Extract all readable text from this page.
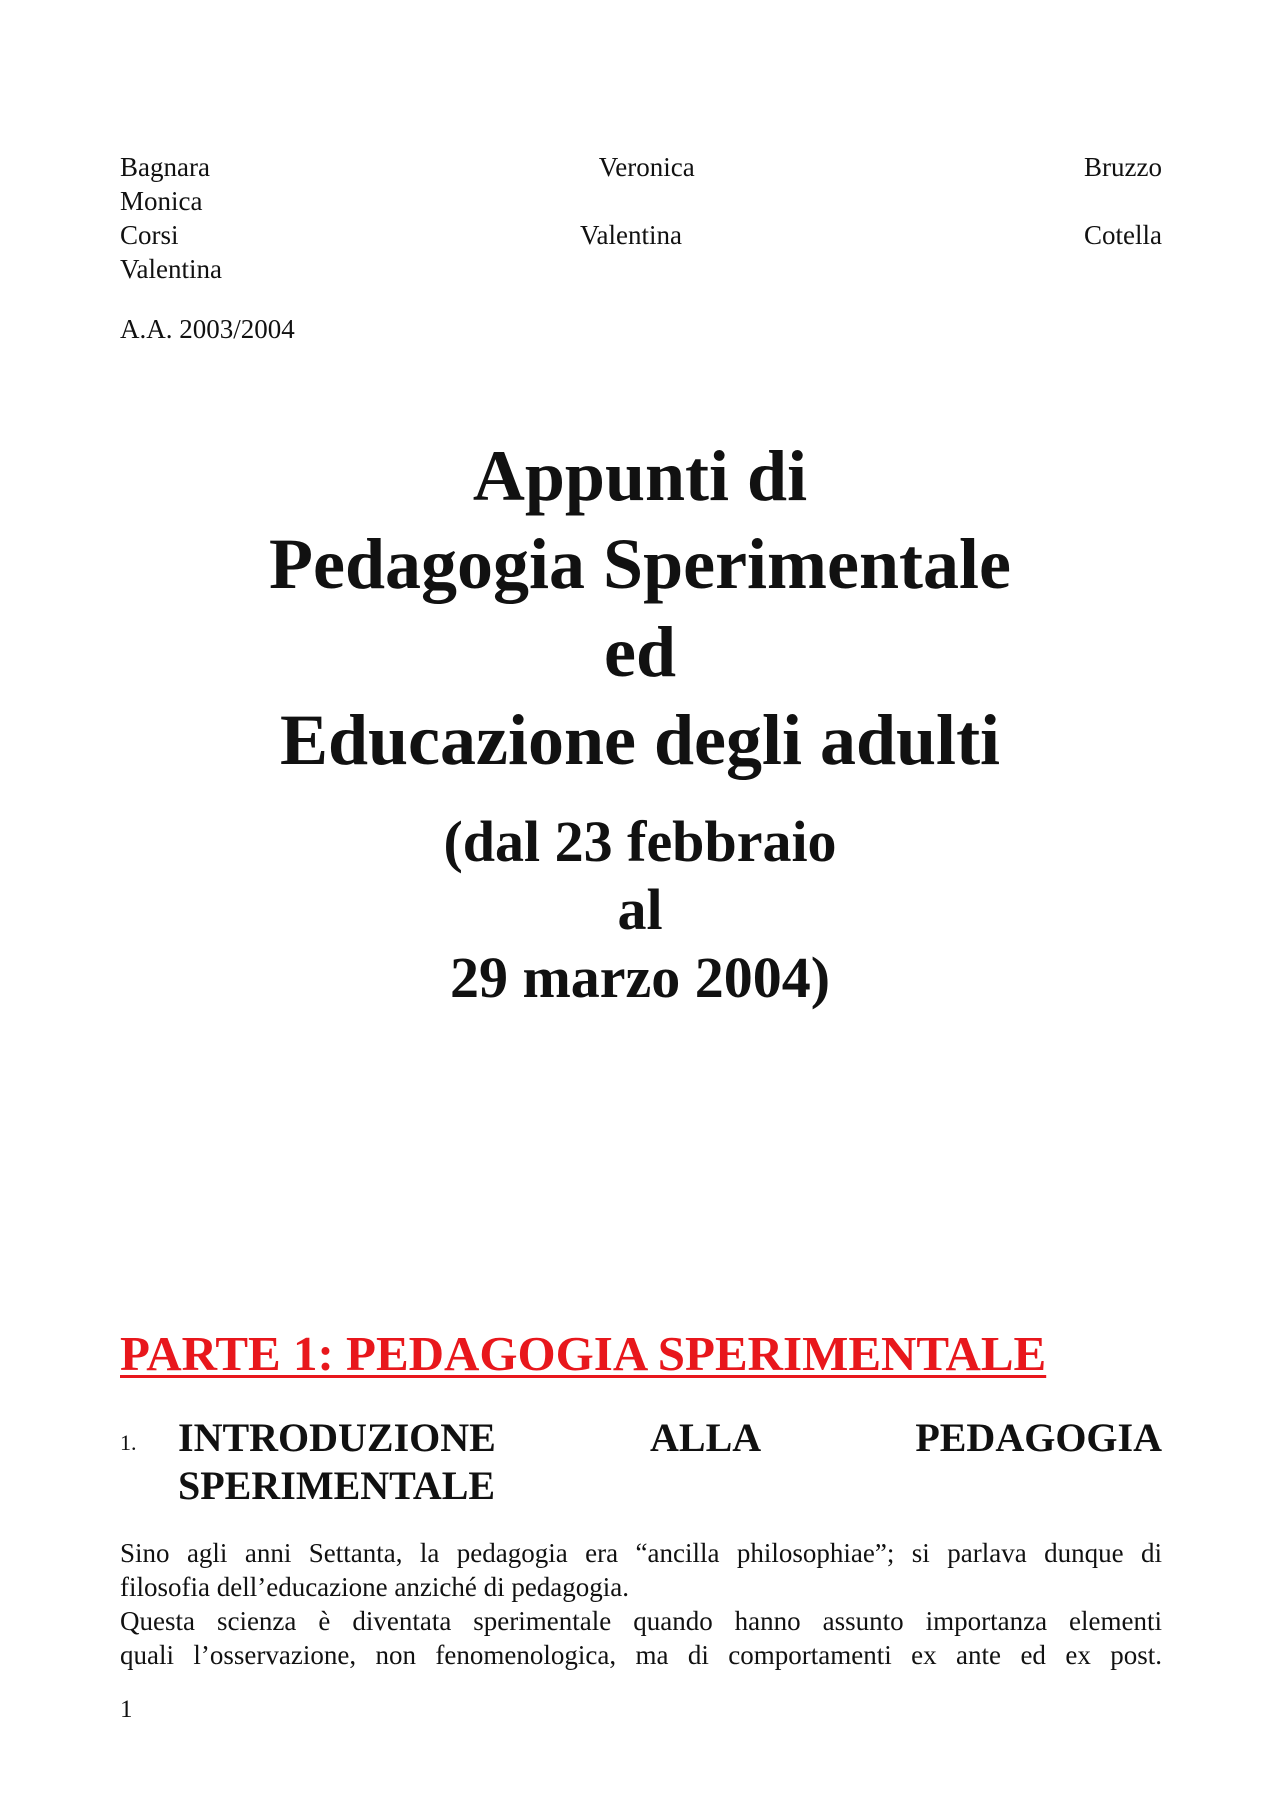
Bagnara Veronica	Bruzzo
Monica
Corsi Valentina	Cotella
Valentina
A.A. 2003/2004
Appunti di
Pedagogia Sperimentale
ed
Educazione degli adulti
(dal 23 febbraio
al
29 marzo 2004)
PARTE 1: PEDAGOGIA SPERIMENTALE
1. INTRODUZIONE ALLA PEDAGOGIA
SPERIMENTALE
Sino agli anni Settanta, la pedagogia era “ancilla philosophiae”; si parlava dunque di
filosofia dell’educazione anziché di pedagogia.
Questa scienza è diventata sperimentale quando hanno assunto importanza elementi
quali l’osservazione, non fenomenologica, ma di comportamenti ex ante ed ex post.
1
